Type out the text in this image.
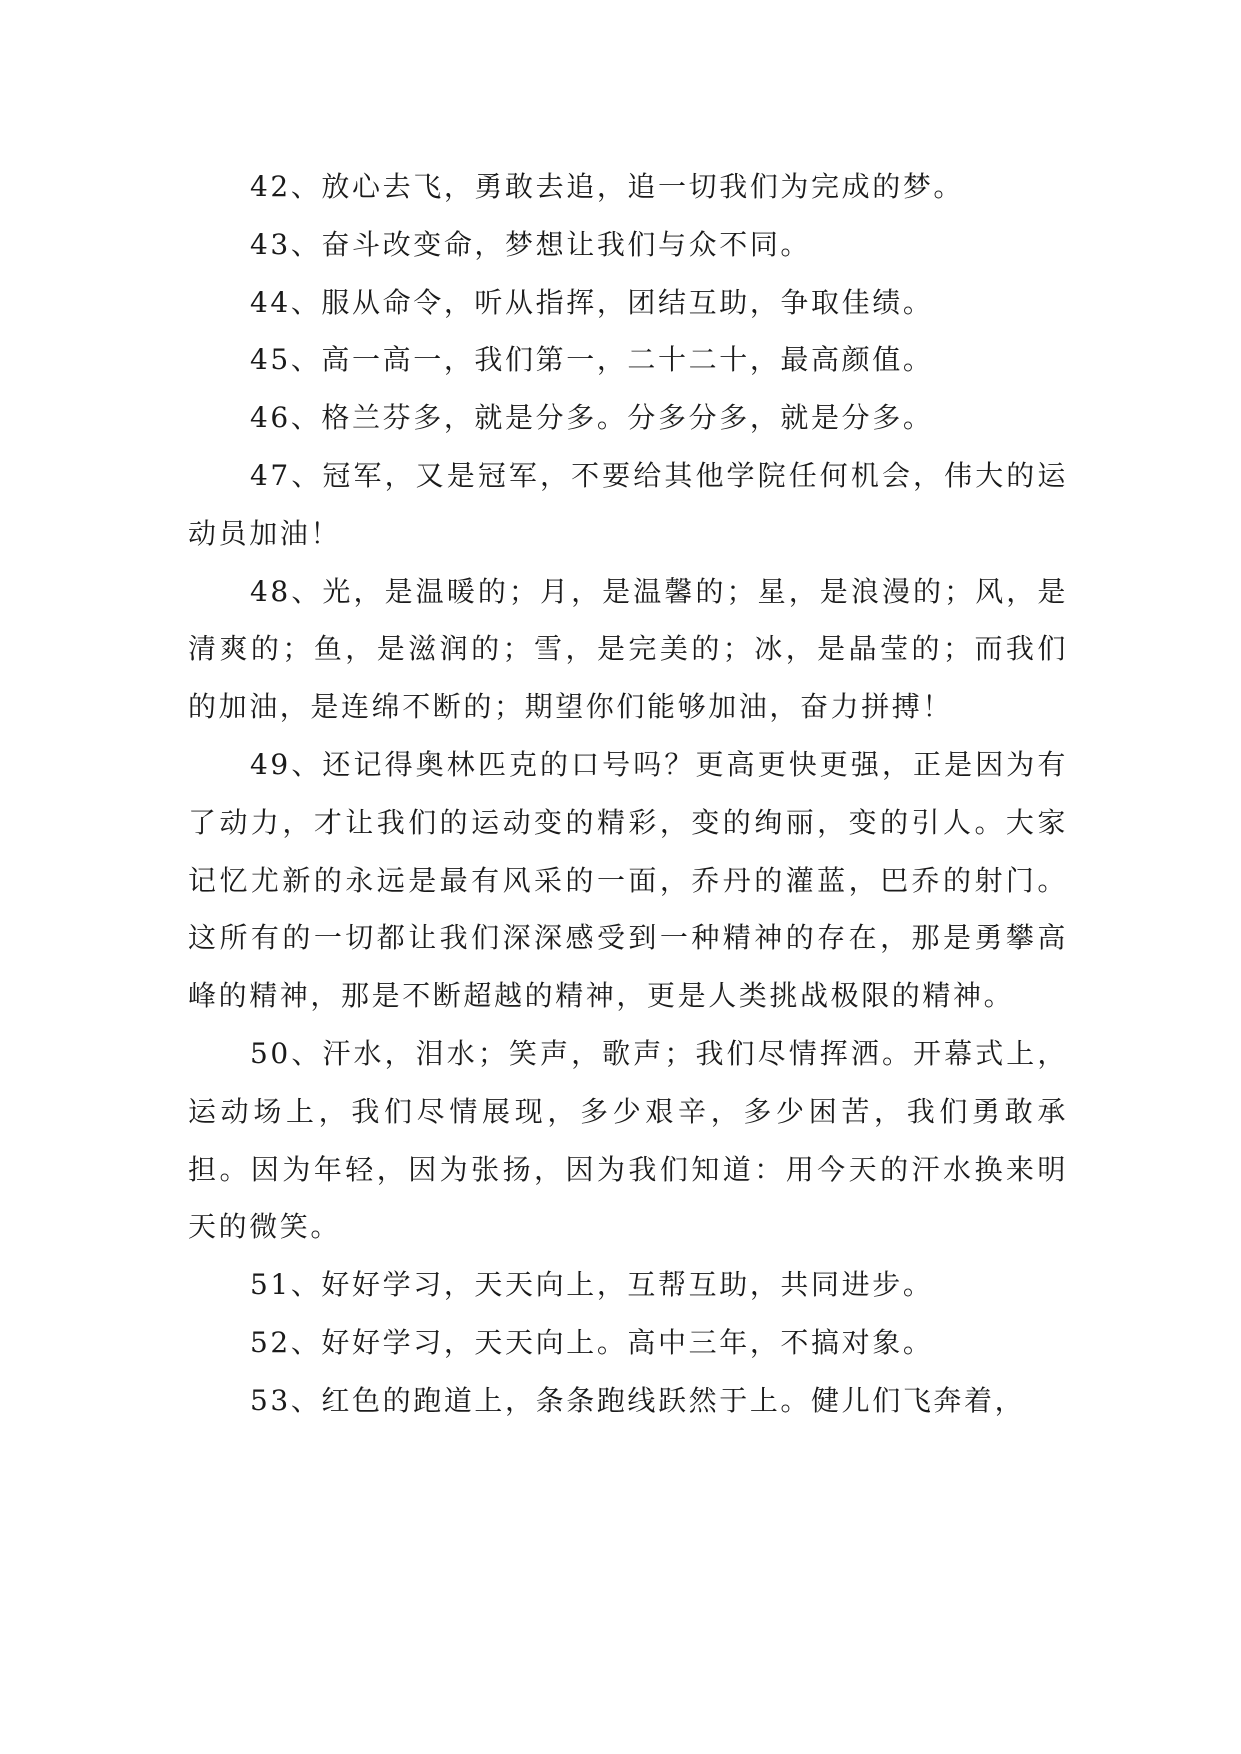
42、放心去飞，勇敢去追，追一切我们为完成的梦。

43、奋斗改变命，梦想让我们与众不同。

44、服从命令，听从指挥，团结互助，争取佳绩。

45、高一高一，我们第一，二十二十，最高颜值。

46、格兰芬多，就是分多。分多分多，就是分多。

47、冠军，又是冠军，不要给其他学院任何机会，伟大的运动员加油！

48、光，是温暖的；月，是温馨的；星，是浪漫的；风，是清爽的；鱼，是滋润的；雪，是完美的；冰，是晶莹的；而我们的加油，是连绵不断的；期望你们能够加油，奋力拼搏！

49、还记得奥林匹克的口号吗？更高更快更强，正是因为有了动力，才让我们的运动变的精彩，变的绚丽，变的引人。大家记忆尤新的永远是最有风采的一面，乔丹的灌蓝，巴乔的射门。这所有的一切都让我们深深感受到一种精神的存在，那是勇攀高峰的精神，那是不断超越的精神，更是人类挑战极限的精神。

50、汗水，泪水；笑声，歌声；我们尽情挥洒。开幕式上，运动场上，我们尽情展现，多少艰辛，多少困苦，我们勇敢承担。因为年轻，因为张扬，因为我们知道：用今天的汗水换来明天的微笑。

51、好好学习，天天向上，互帮互助，共同进步。

52、好好学习，天天向上。高中三年，不搞对象。

53、红色的跑道上，条条跑线跃然于上。健儿们飞奔着，
